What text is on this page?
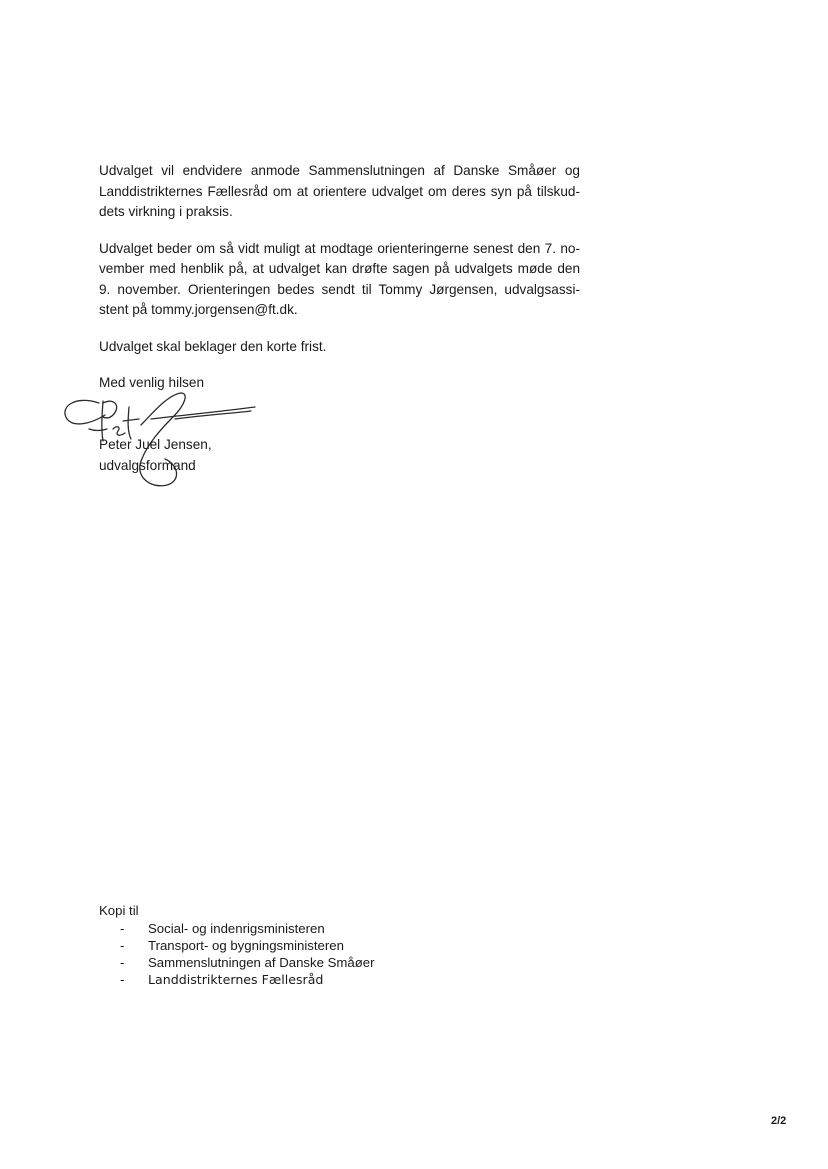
Udvalget vil endvidere anmode Sammenslutningen af Danske Småøer og
Landdistrikternes Fællesråd om at orientere udvalget om deres syn på tilskud-
dets virkning i praksis.

Udvalget beder om så vidt muligt at modtage orienteringerne senest den 7. no-
vember med henblik på, at udvalget kan drøfte sagen på udvalgets møde den
9. november. Orienteringen bedes sendt til Tommy Jørgensen, udvalgsassi-
stent på tommy.jorgensen@ft.dk.

Udvalget skal beklager den korte frist.

Med venlig hilsen

Peter Juel Jensen,
udvalgsformand
Kopi til
- Social- og indenrigsministeren
- Transport- og bygningsministeren
- Sammenslutningen af Danske Småøer
- Landdistrikternes Fællesråd
2/2
